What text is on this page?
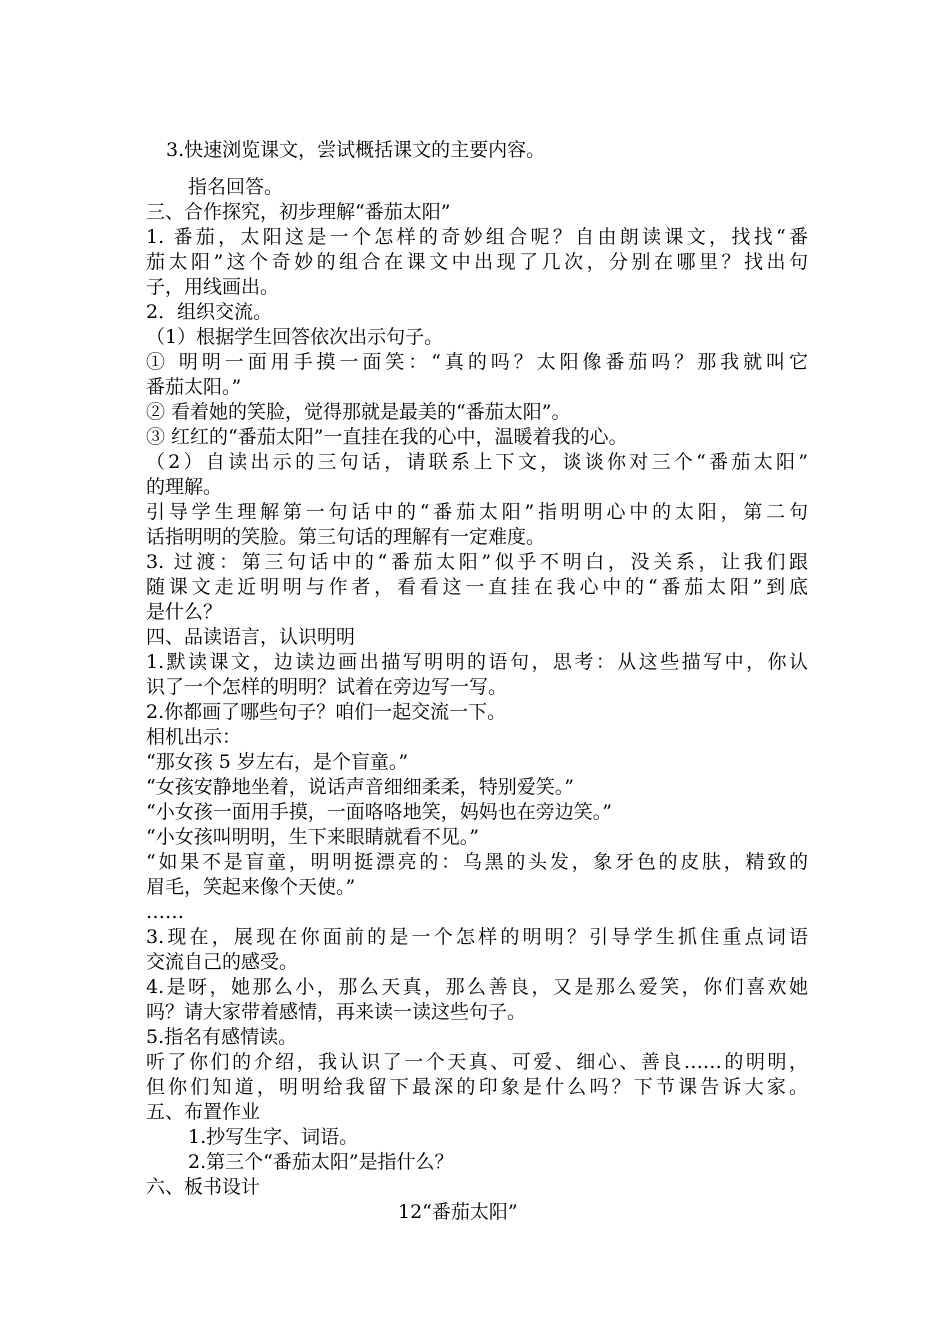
3.快速浏览课文，尝试概括课文的主要内容。

指名回答。

三、合作探究，初步理解“番茄太阳”

1. 番茄，太阳这是一个怎样的奇妙组合呢？自由朗读课文，找找“番

茄太阳”这个奇妙的组合在课文中出现了几次，分别在哪里？找出句

子，用线画出。

2．组织交流。

（1）根据学生回答依次出示句子。

① 明明一面用手摸一面笑：“真的吗？太阳像番茄吗？那我就叫它

番茄太阳。”

② 看着她的笑脸，觉得那就是最美的“番茄太阳”。

③ 红红的“番茄太阳”一直挂在我的心中，温暖着我的心。

（2）自读出示的三句话，请联系上下文，谈谈你对三个“番茄太阳”

的理解。

引导学生理解第一句话中的“番茄太阳”指明明心中的太阳，第二句

话指明明的笑脸。第三句话的理解有一定难度。

3. 过渡：第三句话中的“番茄太阳”似乎不明白，没关系，让我们跟

随课文走近明明与作者，看看这一直挂在我心中的“番茄太阳”到底

是什么？

四、品读语言，认识明明

1.默读课文，边读边画出描写明明的语句，思考：从这些描写中，你认

识了一个怎样的明明？试着在旁边写一写。

2.你都画了哪些句子？咱们一起交流一下。

相机出示：

“那女孩 5 岁左右，是个盲童。”

“女孩安静地坐着，说话声音细细柔柔，特别爱笑。”

“小女孩一面用手摸，一面咯咯地笑，妈妈也在旁边笑。”

“小女孩叫明明，生下来眼睛就看不见。”

“如果不是盲童，明明挺漂亮的：乌黑的头发，象牙色的皮肤，精致的

眉毛，笑起来像个天使。”

……

3.现在，展现在你面前的是一个怎样的明明？引导学生抓住重点词语

交流自己的感受。

4.是呀，她那么小，那么天真，那么善良，又是那么爱笑，你们喜欢她

吗？请大家带着感情，再来读一读这些句子。

5.指名有感情读。

听了你们的介绍，我认识了一个天真、可爱、细心、善良……的明明，

但你们知道，明明给我留下最深的印象是什么吗？下节课告诉大家。

五、布置作业

1.抄写生字、词语。

2.第三个“番茄太阳”是指什么？

六、板书设计

12“番茄太阳”
